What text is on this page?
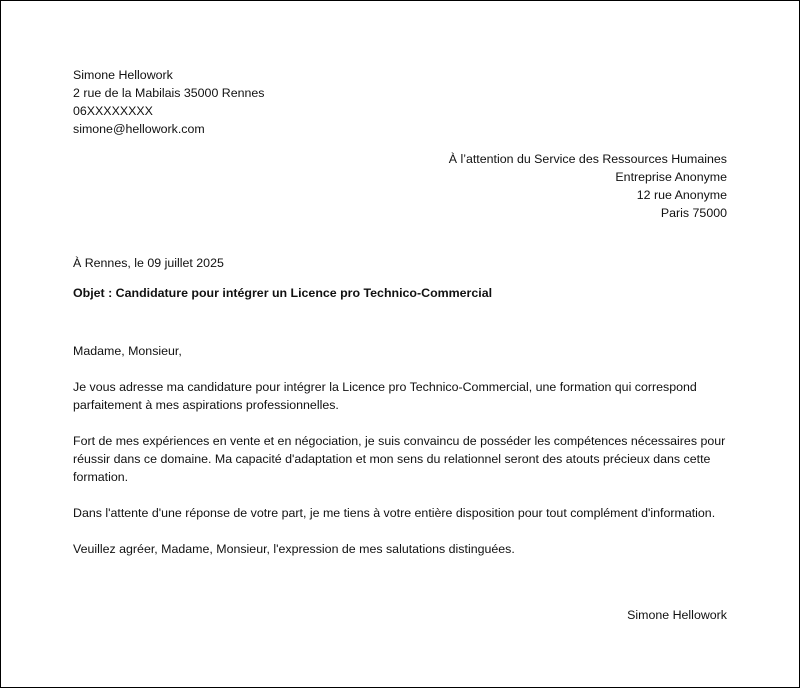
Simone Hellowork
2 rue de la Mabilais 35000 Rennes
06XXXXXXXX
simone@hellowork.com
À l’attention du Service des Ressources Humaines
Entreprise Anonyme
12 rue Anonyme
Paris 75000
À Rennes, le 09 juillet 2025
Objet : Candidature pour intégrer un Licence pro Technico-Commercial

Madame, Monsieur,

Je vous adresse ma candidature pour intégrer la Licence pro Technico-Commercial, une formation qui correspond parfaitement à mes aspirations professionnelles.

Fort de mes expériences en vente et en négociation, je suis convaincu de posséder les compétences nécessaires pour réussir dans ce domaine. Ma capacité d'adaptation et mon sens du relationnel seront des atouts précieux dans cette formation.

Dans l'attente d'une réponse de votre part, je me tiens à votre entière disposition pour tout complément d'information.

Veuillez agréer, Madame, Monsieur, l'expression de mes salutations distinguées.

Simone Hellowork
